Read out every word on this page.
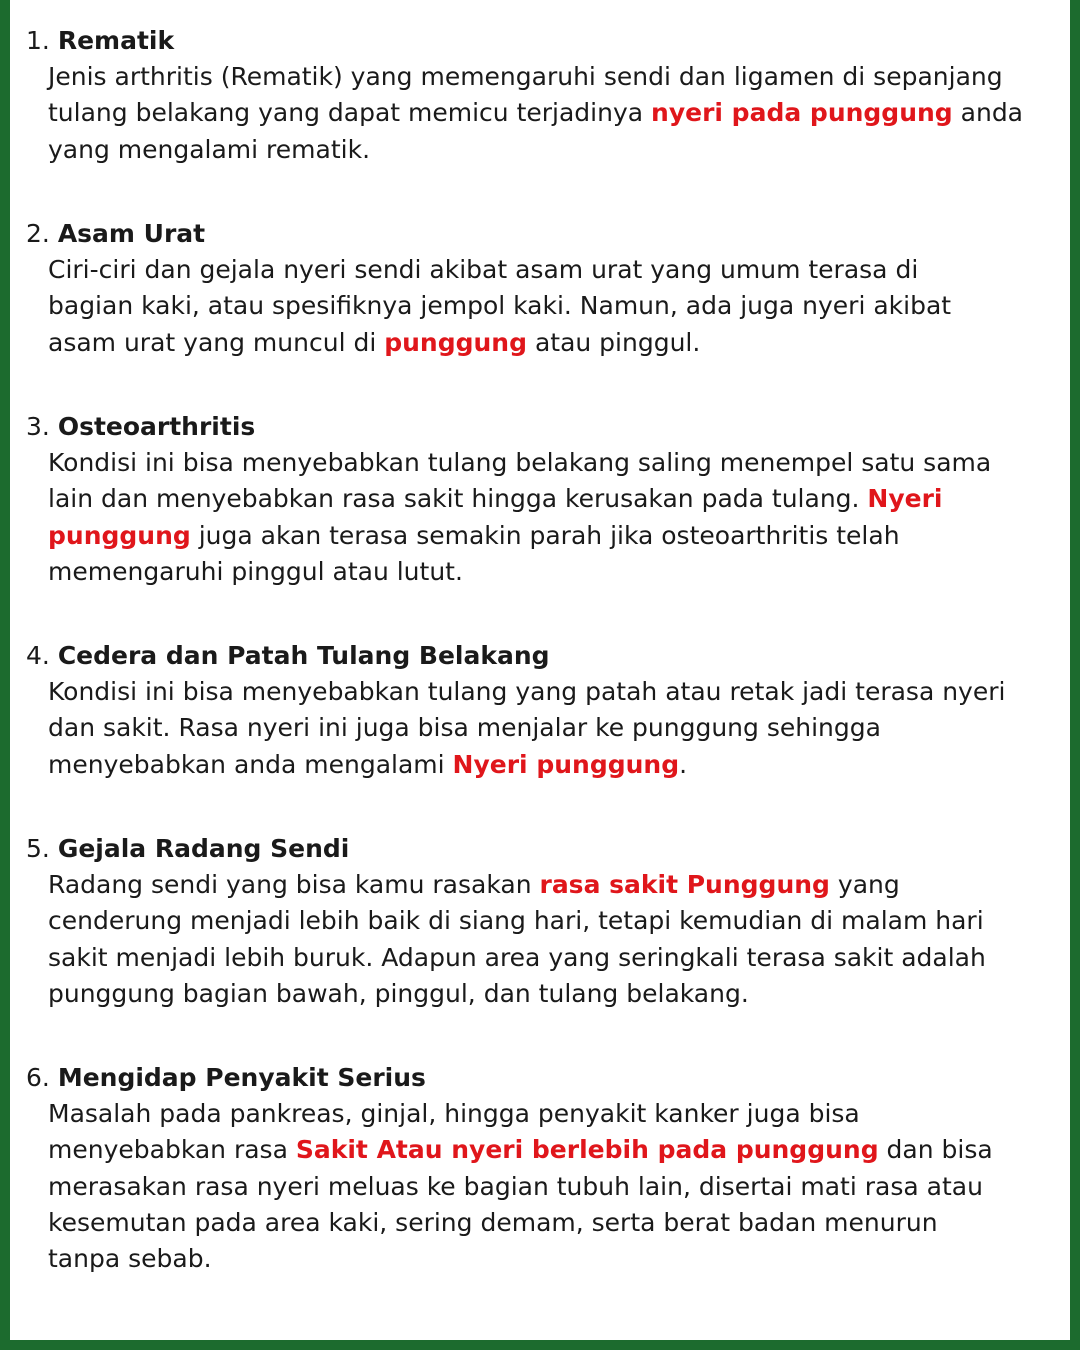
1. Rematik
Jenis arthritis (Rematik) yang memengaruhi sendi dan ligamen di sepanjang
tulang belakang yang dapat memicu terjadinya nyeri pada punggung anda
yang mengalami rematik.
2. Asam Urat
Ciri-ciri dan gejala nyeri sendi akibat asam urat yang umum terasa di
bagian kaki, atau spesifiknya jempol kaki. Namun, ada juga nyeri akibat
asam urat yang muncul di punggung atau pinggul.
3. Osteoarthritis
Kondisi ini bisa menyebabkan tulang belakang saling menempel satu sama
lain dan menyebabkan rasa sakit hingga kerusakan pada tulang. Nyeri
punggung juga akan terasa semakin parah jika osteoarthritis telah
memengaruhi pinggul atau lutut.
4. Cedera dan Patah Tulang Belakang
Kondisi ini bisa menyebabkan tulang yang patah atau retak jadi terasa nyeri
dan sakit. Rasa nyeri ini juga bisa menjalar ke punggung sehingga
menyebabkan anda mengalami Nyeri punggung.
5. Gejala Radang Sendi
Radang sendi yang bisa kamu rasakan rasa sakit Punggung yang
cenderung menjadi lebih baik di siang hari, tetapi kemudian di malam hari
sakit menjadi lebih buruk. Adapun area yang seringkali terasa sakit adalah
punggung bagian bawah, pinggul, dan tulang belakang.
6. Mengidap Penyakit Serius
Masalah pada pankreas, ginjal, hingga penyakit kanker juga bisa
menyebabkan rasa Sakit Atau nyeri berlebih pada punggung dan bisa
merasakan rasa nyeri meluas ke bagian tubuh lain, disertai mati rasa atau
kesemutan pada area kaki, sering demam, serta berat badan menurun
tanpa sebab.
